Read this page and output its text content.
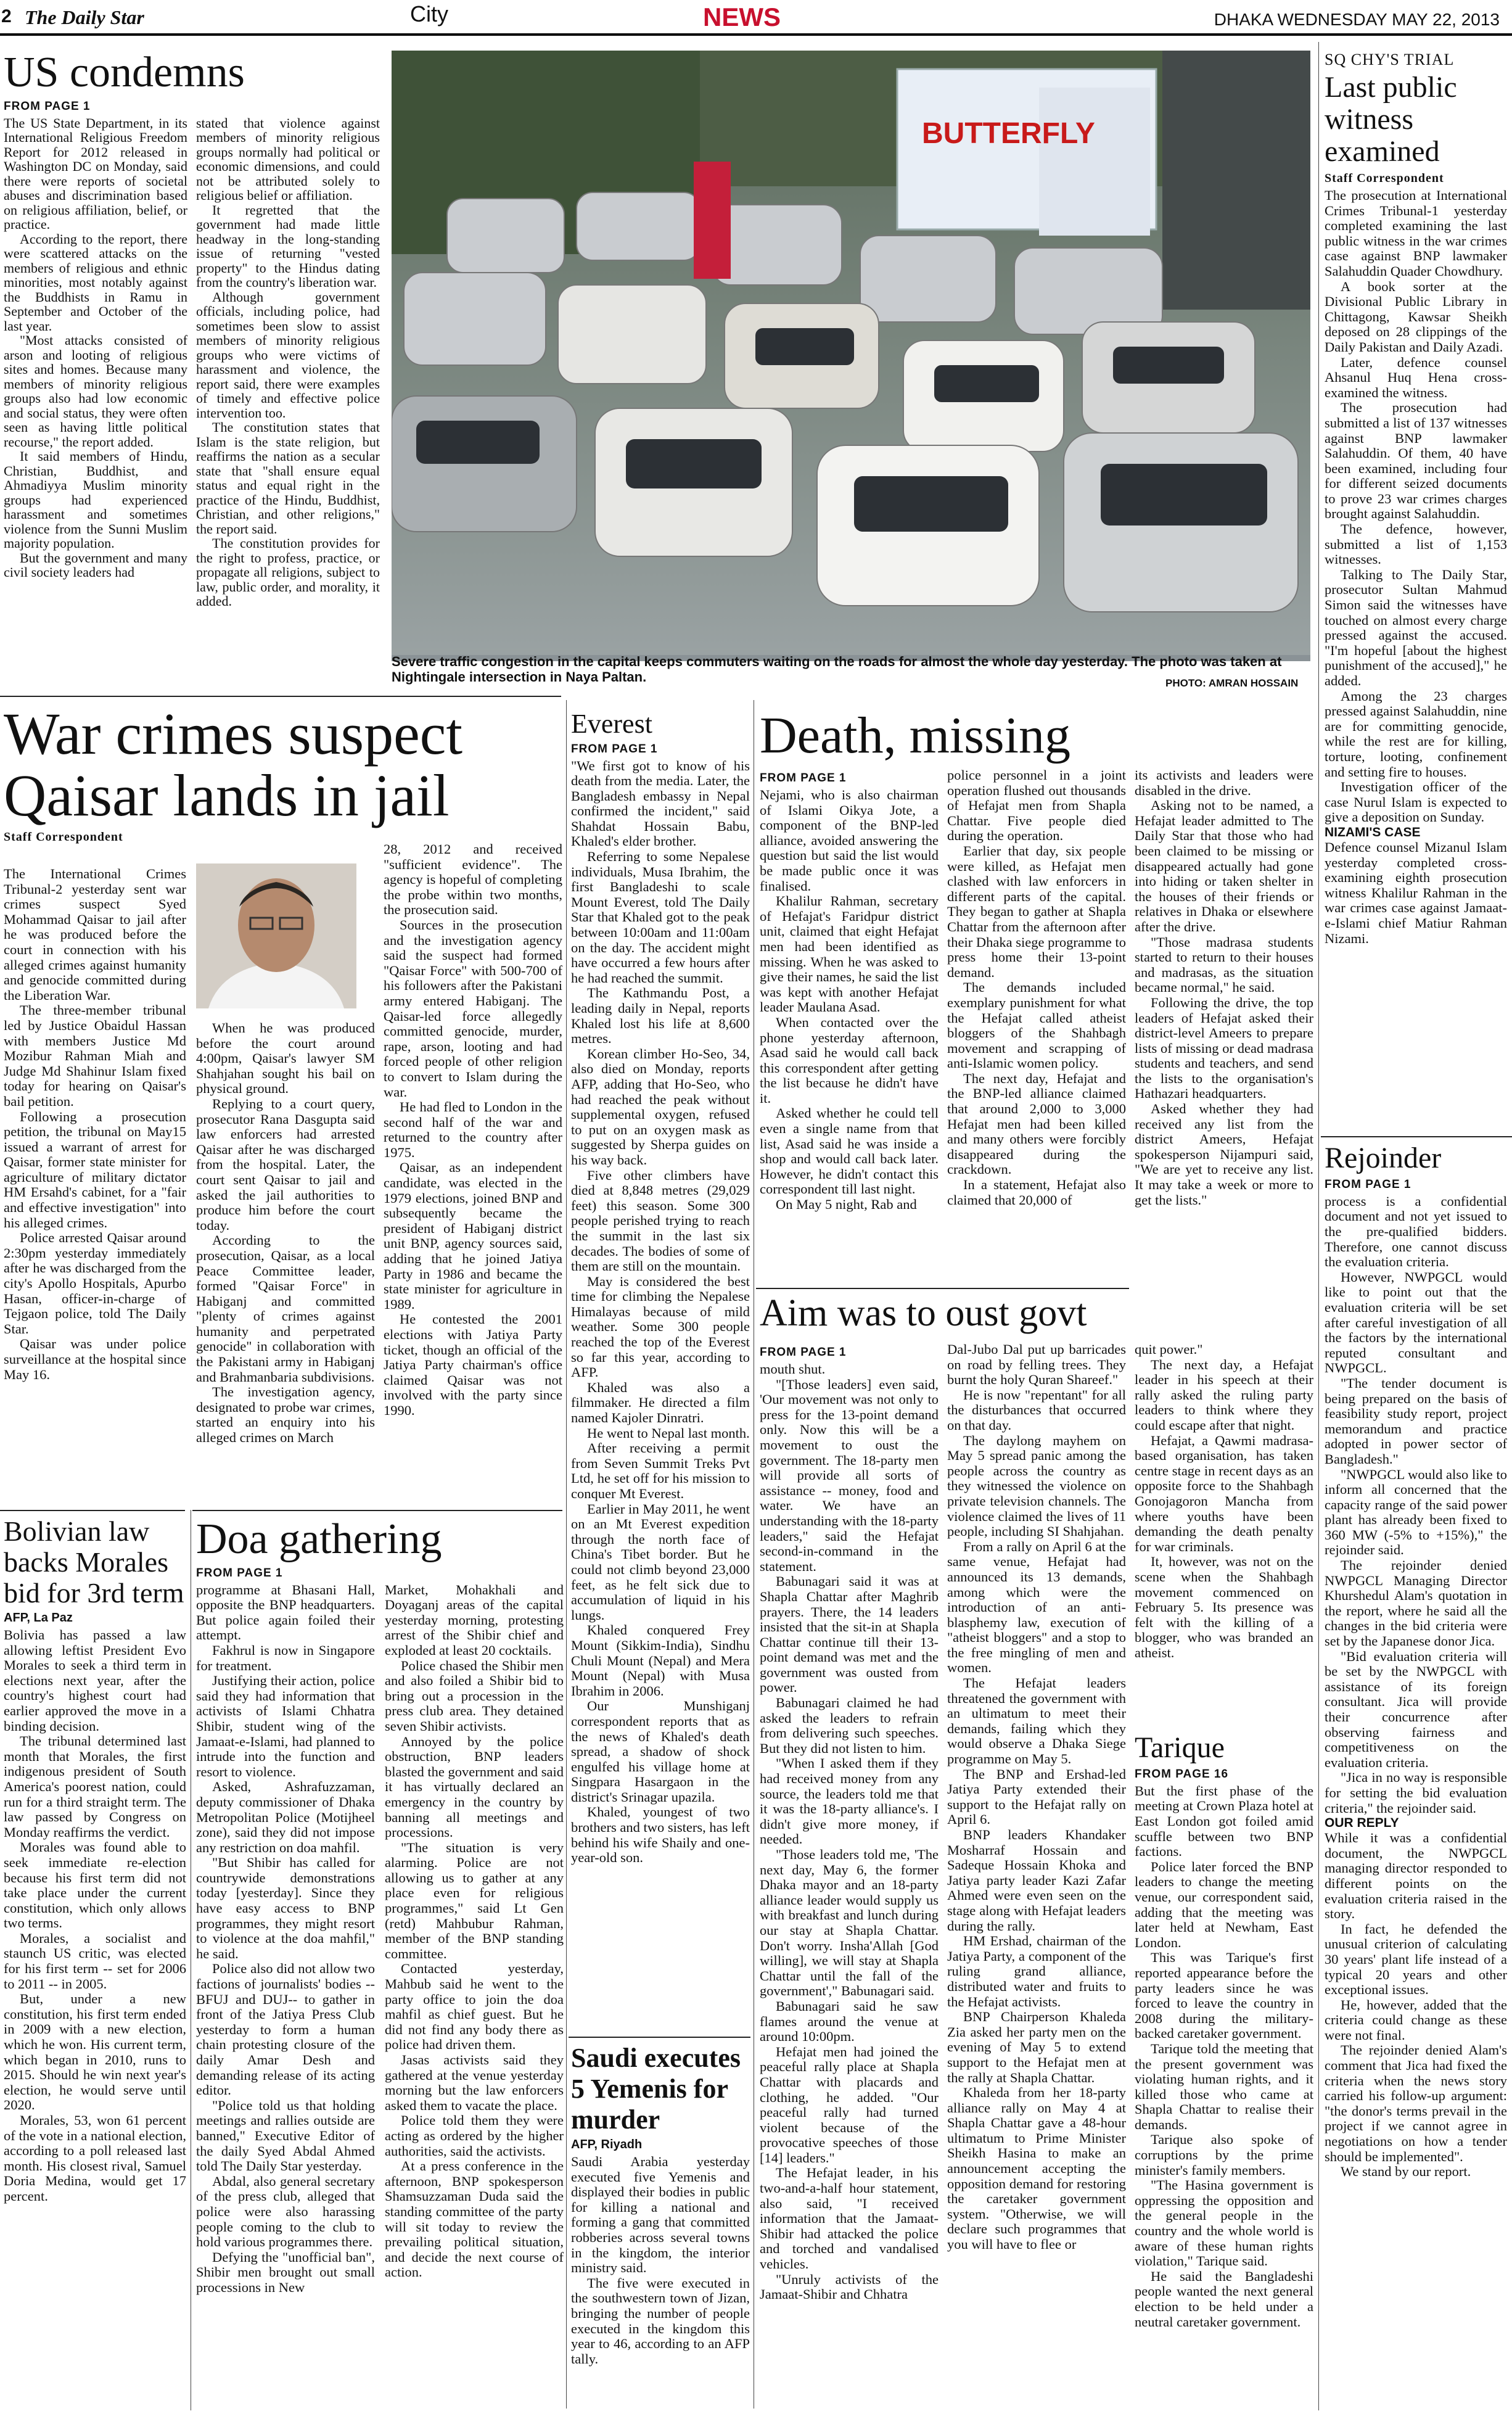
2 The Daily Star	City	NEWS	DHAKA WEDNESDAY MAY 22, 2013
US condemns
FROM PAGE 1

The US State Department, in its International Religious Freedom Report for 2012 released in Washington DC on Monday, said there were reports of societal abuses and discrimination based on religious affiliation, belief, or practice.

According to the report, there were scattered attacks on the members of religious and ethnic minorities, most notably against the Buddhists in Ramu in September and October of the last year.

"Most attacks consisted of arson and looting of religious sites and homes. Because many members of minority religious groups also had low economic and social status, they were often seen as having little political recourse," the report added.

It said members of Hindu, Christian, Buddhist, and Ahmadiyya Muslim minority groups had experienced harassment and sometimes violence from the Sunni Muslim majority population.

But the government and many civil society leaders had

stated that violence against members of minority religious groups normally had political or economic dimensions, and could not be attributed solely to religious belief or affiliation.

It regretted that the government had made little headway in the long-standing issue of returning "vested property" to the Hindus dating from the country's liberation war.

Although government officials, including police, had sometimes been slow to assist members of minority religious groups who were victims of harassment and violence, the report said, there were examples of timely and effective police intervention too.

The constitution states that Islam is the state religion, but reaffirms the nation as a secular state that "shall ensure equal status and equal right in the practice of the Hindu, Buddhist, Christian, and other religions," the report said.

The constitution provides for the right to profess, practice, or propagate all religions, subject to law, public order, and morality, it added.

BUTTERFLY
Severe traffic congestion in the capital keeps commuters waiting on the roads for almost the whole day yesterday. The photo was taken at Nightingale intersection in Naya Paltan.	PHOTO: AMRAN HOSSAIN
War crimes suspect Qaisar lands in jail
Staff Correspondent

The International Crimes Tribunal-2 yesterday sent war crimes suspect Syed Mohammad Qaisar to jail after he was produced before the court in connection with his alleged crimes against humanity and genocide committed during the Liberation War.

The three-member tribunal led by Justice Obaidul Hassan with members Justice Md Mozibur Rahman Miah and Judge Md Shahinur Islam fixed today for hearing on Qaisar's bail petition.

Following a prosecution petition, the tribunal on May15 issued a warrant of arrest for Qaisar, former state minister for agriculture of military dictator HM Ersahd's cabinet, for a "fair and effective investigation" into his alleged crimes.

Police arrested Qaisar around 2:30pm yesterday immediately after he was discharged from the city's Apollo Hospitals, Apurbo Hasan, officer-in-charge of Tejgaon police, told The Daily Star.

Qaisar was under police surveillance at the hospital since May 16.

When he was produced before the court around 4:00pm, Qaisar's lawyer SM Shahjahan sought his bail on physical ground.

Replying to a court query, prosecutor Rana Dasgupta said law enforcers had arrested Qaisar after he was discharged from the hospital. Later, the court sent Qaisar to jail and asked the jail authorities to produce him before the court today.

According to the prosecution, Qaisar, as a local Peace Committee leader, formed "Qaisar Force" in Habiganj and committed "plenty of crimes against humanity and perpetrated genocide" in collaboration with the Pakistani army in Habiganj and Brahmanbaria subdivisions.

The investigation agency, designated to probe war crimes, started an enquiry into his alleged crimes on March

28, 2012 and received "sufficient evidence". The agency is hopeful of completing the probe within two months, the prosecution said.

Sources in the prosecution and the investigation agency said the suspect had formed "Qaisar Force" with 500-700 of his followers after the Pakistani army entered Habiganj. The Qaisar-led force allegedly committed genocide, murder, rape, arson, looting and had forced people of other religion to convert to Islam during the war.

He had fled to London in the second half of the war and returned to the country after 1975.

Qaisar, as an independent candidate, was elected in the 1979 elections, joined BNP and subsequently became the president of Habiganj district unit BNP, agency sources said, adding that he joined Jatiya Party in 1986 and became the state minister for agriculture in 1989.

He contested the 2001 elections with Jatiya Party ticket, though an official of the Jatiya Party chairman's office claimed Qaisar was not involved with the party since 1990.

Bolivian law backs Morales bid for 3rd term
AFP, La Paz

Bolivia has passed a law allowing leftist President Evo Morales to seek a third term in elections next year, after the country's highest court had earlier approved the move in a binding decision.

The tribunal determined last month that Morales, the first indigenous president of South America's poorest nation, could run for a third straight term. The law passed by Congress on Monday reaffirms the verdict.

Morales was found able to seek immediate re-election because his first term did not take place under the current constitution, which only allows two terms.

Morales, a socialist and staunch US critic, was elected for his first term -- set for 2006 to 2011 -- in 2005.

But, under a new constitution, his first term ended in 2009 with a new election, which he won. His current term, which began in 2010, runs to 2015. Should he win next year's election, he would serve until 2020.

Morales, 53, won 61 percent of the vote in a national election, according to a poll released last month. His closest rival, Samuel Doria Medina, would get 17 percent.

Doa gathering
FROM PAGE 1

programme at Bhasani Hall, opposite the BNP headquarters. But police again foiled their attempt.

Fakhrul is now in Singapore for treatment.

Justifying their action, police said they had information that activists of Islami Chhatra Shibir, student wing of the Jamaat-e-Islami, had planned to intrude into the function and resort to violence.

Asked, Ashrafuzzaman, deputy commissioner of Dhaka Metropolitan Police (Motijheel zone), said they did not impose any restriction on doa mahfil.

"But Shibir has called for countrywide demonstrations today [yesterday]. Since they have easy access to BNP programmes, they might resort to violence at the doa mahfil," he said.

Police also did not allow two factions of journalists' bodies -- BFUJ and DUJ-- to gather in front of the Jatiya Press Club yesterday to form a human chain protesting closure of the daily Amar Desh and demanding release of its acting editor.

"Police told us that holding meetings and rallies outside are banned," Executive Editor of the daily Syed Abdal Ahmed told The Daily Star yesterday.

Abdal, also general secretary of the press club, alleged that police were also harassing people coming to the club to hold various programmes there.

Defying the "unofficial ban", Shibir men brought out small processions in New

Market, Mohakhali and Doyaganj areas of the capital yesterday morning, protesting arrest of the Shibir chief and exploded at least 20 cocktails.

Police chased the Shibir men and also foiled a Shibir bid to bring out a procession in the press club area. They detained seven Shibir activists.

Annoyed by the police obstruction, BNP leaders blasted the government and said it has virtually declared an emergency in the country by banning all meetings and processions.

"The situation is very alarming. Police are not allowing us to gather at any place even for religious programmes," said Lt Gen (retd) Mahbubur Rahman, member of the BNP standing committee.

Contacted yesterday, Mahbub said he went to the party office to join the doa mahfil as chief guest. But he did not find any body there as police had driven them.

Jasas activists said they gathered at the venue yesterday morning but the law enforcers asked them to vacate the place.

Police told them they were acting as ordered by the higher authorities, said the activists.

At a press conference in the afternoon, BNP spokesperson Shamsuzzaman Duda said the standing committee of the party will sit today to review the prevailing political situation, and decide the next course of action.

Everest
FROM PAGE 1

"We first got to know of his death from the media. Later, the Bangladesh embassy in Nepal confirmed the incident," said Shahdat Hossain Babu, Khaled's elder brother.

Referring to some Nepalese individuals, Musa Ibrahim, the first Bangladeshi to scale Mount Everest, told The Daily Star that Khaled got to the peak between 10:00am and 11:00am on the day. The accident might have occurred a few hours after he had reached the summit.

The Kathmandu Post, a leading daily in Nepal, reports Khaled lost his life at 8,600 metres.

Korean climber Ho-Seo, 34, also died on Monday, reports AFP, adding that Ho-Seo, who had reached the peak without supplemental oxygen, refused to put on an oxygen mask as suggested by Sherpa guides on his way back.

Five other climbers have died at 8,848 metres (29,029 feet) this season. Some 300 people perished trying to reach the summit in the last six decades. The bodies of some of them are still on the mountain.

May is considered the best time for climbing the Nepalese Himalayas because of mild weather. Some 300 people reached the top of the Everest so far this year, according to AFP.

Khaled was also a filmmaker. He directed a film named Kajoler Dinratri.

He went to Nepal last month.

After receiving a permit from Seven Summit Treks Pvt Ltd, he set off for his mission to conquer Mt Everest.

Earlier in May 2011, he went on an Mt Everest expedition through the north face of China's Tibet border. But he could not climb beyond 23,000 feet, as he felt sick due to accumulation of liquid in his lungs.

Khaled conquered Frey Mount (Sikkim-India), Sindhu Chuli Mount (Nepal) and Mera Mount (Nepal) with Musa Ibrahim in 2006.

Our Munshiganj correspondent reports that as the news of Khaled's death spread, a shadow of shock engulfed his village home at Singpara Hasargaon in the district's Srinagar upazila.

Khaled, youngest of two brothers and two sisters, has left behind his wife Shaily and one-year-old son.

Saudi executes 5 Yemenis for murder
AFP, Riyadh

Saudi Arabia yesterday executed five Yemenis and displayed their bodies in public for killing a national and forming a gang that committed robberies across several towns in the kingdom, the interior ministry said.

The five were executed in the southwestern town of Jizan, bringing the number of people executed in the kingdom this year to 46, according to an AFP tally.

Death, missing
FROM PAGE 1

Nejami, who is also chairman of Islami Oikya Jote, a component of the BNP-led alliance, avoided answering the question but said the list would be made public once it was finalised.

Khalilur Rahman, secretary of Hefajat's Faridpur district unit, claimed that eight Hefajat men had been identified as missing. When he was asked to give their names, he said the list was kept with another Hefajat leader Maulana Asad.

When contacted over the phone yesterday afternoon, Asad said he would call back this correspondent after getting the list because he didn't have it.

Asked whether he could tell even a single name from that list, Asad said he was inside a shop and would call back later. However, he didn't contact this correspondent till last night.

On May 5 night, Rab and

police personnel in a joint operation flushed out thousands of Hefajat men from Shapla Chattar. Five people died during the operation.

Earlier that day, six people were killed, as Hefajat men clashed with law enforcers in different parts of the capital. They began to gather at Shapla Chattar from the afternoon after their Dhaka siege programme to press home their 13-point demand.

The demands included exemplary punishment for what the Hefajat called atheist bloggers of the Shahbagh movement and scrapping of anti-Islamic women policy.

The next day, Hefajat and the BNP-led alliance claimed that around 2,000 to 3,000 Hefajat men had been killed and many others were forcibly disappeared during the crackdown.

In a statement, Hefajat also claimed that 20,000 of

its activists and leaders were disabled in the drive.

Asking not to be named, a Hefajat leader admitted to The Daily Star that those who had been claimed to be missing or disappeared actually had gone into hiding or taken shelter in the houses of their friends or relatives in Dhaka or elsewhere after the drive.

"Those madrasa students started to return to their houses and madrasas, as the situation became normal," he said.

Following the drive, the top leaders of Hefajat asked their district-level Ameers to prepare lists of missing or dead madrasa students and teachers, and send the lists to the organisation's Hathazari headquarters.

Asked whether they had received any list from the district Ameers, Hefajat spokesperson Nijampuri said, "We are yet to receive any list. It may take a week or more to get the lists."

Aim was to oust govt
FROM PAGE 1

mouth shut.

"[Those leaders] even said, 'Our movement was not only to press for the 13-point demand only. Now this will be a movement to oust the government. The 18-party men will provide all sorts of assistance -- money, food and water. We have an understanding with the 18-party leaders," said the Hefajat second-in-command in the statement.

Babunagari said it was at Shapla Chattar after Maghrib prayers. There, the 14 leaders insisted that the sit-in at Shapla Chattar continue till their 13-point demand was met and the government was ousted from power.

Babunagari claimed he had asked the leaders to refrain from delivering such speeches. But they did not listen to him.

"When I asked them if they had received money from any source, the leaders told me that it was the 18-party alliance's. I didn't give more money, if needed.

"Those leaders told me, 'The next day, May 6, the former Dhaka mayor and an 18-party alliance leader would supply us with breakfast and lunch during our stay at Shapla Chattar. Don't worry. Insha'Allah [God willing], we will stay at Shapla Chattar until the fall of the government'," Babunagari said.

Babunagari said he saw flames around the venue at around 10:00pm.

Hefajat men had joined the peaceful rally place at Shapla Chattar with placards and clothing, he added. "Our peaceful rally had turned violent because of the provocative speeches of those [14] leaders."

The Hefajat leader, in his two-and-a-half hour statement, also said, "I received information that the Jamaat-Shibir had attacked the police and torched and vandalised vehicles.

"Unruly activists of the Jamaat-Shibir and Chhatra

Dal-Jubo Dal put up barricades on road by felling trees. They burnt the holy Quran Shareef."

He is now "repentant" for all the disturbances that occurred on that day.

The daylong mayhem on May 5 spread panic among the people across the country as they witnessed the violence on private television channels. The violence claimed the lives of 11 people, including SI Shahjahan.

From a rally on April 6 at the same venue, Hefajat had announced its 13 demands, among which were the introduction of an anti-blasphemy law, execution of "atheist bloggers" and a stop to the free mingling of men and women.

The Hefajat leaders threatened the government with an ultimatum to meet their demands, failing which they would observe a Dhaka Siege programme on May 5.

The BNP and Ershad-led Jatiya Party extended their support to the Hefajat rally on April 6.

BNP leaders Khandaker Mosharraf Hossain and Sadeque Hossain Khoka and Jatiya party leader Kazi Zafar Ahmed were even seen on the stage along with Hefajat leaders during the rally.

HM Ershad, chairman of the Jatiya Party, a component of the ruling grand alliance, distributed water and fruits to the Hefajat activists.

BNP Chairperson Khaleda Zia asked her party men on the evening of May 5 to extend support to the Hefajat men at the rally at Shapla Chattar.

Khaleda from her 18-party alliance rally on May 4 at Shapla Chattar gave a 48-hour ultimatum to Prime Minister Sheikh Hasina to make an announcement accepting the opposition demand for restoring the caretaker government system. "Otherwise, we will declare such programmes that you will have to flee or

quit power."

The next day, a Hefajat leader in his speech at their rally asked the ruling party leaders to think where they could escape after that night.

Hefajat, a Qawmi madrasa-based organisation, has taken centre stage in recent days as an opposite force to the Shahbagh Gonojagoron Mancha from where youths have been demanding the death penalty for war criminals.

It, however, was not on the scene when the Shahbagh movement commenced on February 5. Its presence was felt with the killing of a blogger, who was branded an atheist.

Tarique
FROM PAGE 16

But the first phase of the meeting at Crown Plaza hotel at East London got foiled amid scuffle between two BNP factions.

Police later forced the BNP leaders to change the meeting venue, our correspondent said, adding that the meeting was later held at Newham, East London.

This was Tarique's first reported appearance before the party leaders since he was forced to leave the country in 2008 during the military-backed caretaker government.

Tarique told the meeting that the present government was violating human rights, and it killed those who came at Shapla Chattar to realise their demands.

Tarique also spoke of corruptions by the prime minister's family members.

"The Hasina government is oppressing the opposition and the general people in the country and the whole world is aware of these human rights violation," Tarique said.

He said the Bangladeshi people wanted the next general election to be held under a neutral caretaker government.

SQ CHY'S TRIAL
Last public witness examined
Staff Correspondent

The prosecution at International Crimes Tribunal-1 yesterday completed examining the last public witness in the war crimes case against BNP lawmaker Salahuddin Quader Chowdhury.

A book sorter at the Divisional Public Library in Chittagong, Kawsar Sheikh deposed on 28 clippings of the Daily Pakistan and Daily Azadi.

Later, defence counsel Ahsanul Huq Hena cross-examined the witness.

The prosecution had submitted a list of 137 witnesses against BNP lawmaker Salahuddin. Of them, 40 have been examined, including four for different seized documents to prove 23 war crimes charges brought against Salahuddin.

The defence, however, submitted a list of 1,153 witnesses.

Talking to The Daily Star, prosecutor Sultan Mahmud Simon said the witnesses have touched on almost every charge pressed against the accused. "I'm hopeful [about the highest punishment of the accused]," he added.

Among the 23 charges pressed against Salahuddin, nine are for committing genocide, while the rest are for killing, torture, looting, confinement and setting fire to houses.

Investigation officer of the case Nurul Islam is expected to give a deposition on Sunday.

NIZAMI'S CASE

Defence counsel Mizanul Islam yesterday completed cross-examining eighth prosecution witness Khalilur Rahman in the war crimes case against Jamaat-e-Islami chief Matiur Rahman Nizami.

Rejoinder
FROM PAGE 1

process is a confidential document and not yet issued to the pre-qualified bidders. Therefore, one cannot discuss the evaluation criteria.

However, NWPGCL would like to point out that the evaluation criteria will be set after careful investigation of all the factors by the international reputed consultant and NWPGCL.

"The tender document is being prepared on the basis of feasibility study report, project memorandum and practice adopted in power sector of Bangladesh."

"NWPGCL would also like to inform all concerned that the capacity range of the said power plant has already been fixed to 360 MW (-5% to +15%)," the rejoinder said.

The rejoinder denied NWPGCL Managing Director Khurshedul Alam's quotation in the report, where he said all the changes in the bid criteria were set by the Japanese donor Jica.

"Bid evaluation criteria will be set by the NWPGCL with assistance of its foreign consultant. Jica will provide their concurrence after observing fairness and competitiveness on the evaluation criteria.

"Jica in no way is responsible for setting the bid evaluation criteria," the rejoinder said.

OUR REPLY

While it was a confidential document, the NWPGCL managing director responded to different points on the evaluation criteria raised in the story.

In fact, he defended the unusual criterion of calculating 30 years' plant life instead of a typical 20 years and other exceptional issues.

He, however, added that the criteria could change as these were not final.

The rejoinder denied Alam's comment that Jica had fixed the criteria when the news story carried his follow-up argument: "the donor's terms prevail in the project if we cannot agree in negotiations on how a tender should be implemented".

We stand by our report.
